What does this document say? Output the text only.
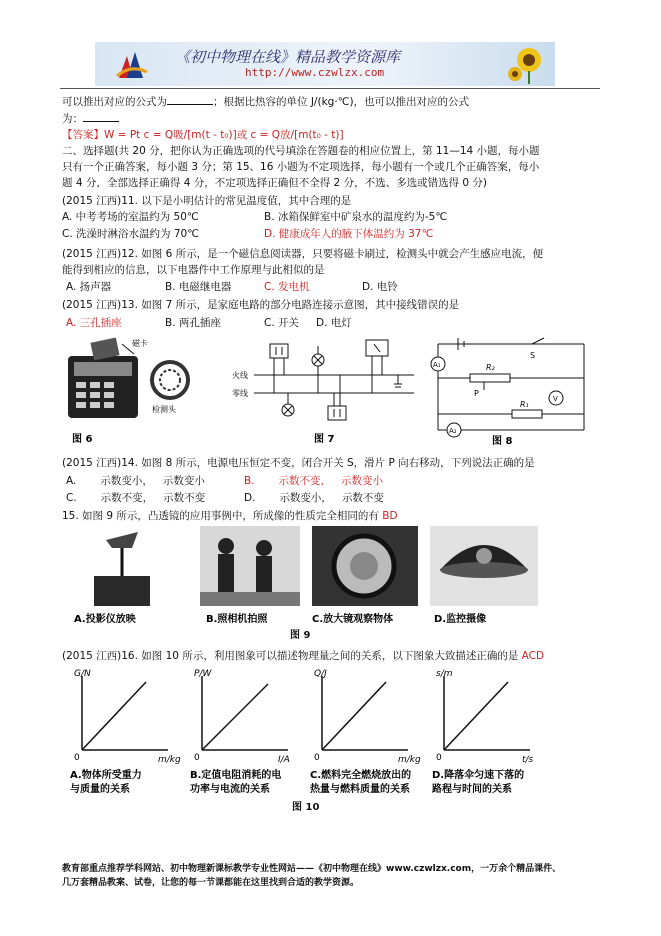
《初中物理在线》精品教学资源库
http://www.czwlzx.com
可以推出对应的公式为	；根据比热容的单位 J/(kg·℃)，也可以推出对应的公式
为：
【答案】W = Pt c = Q吸/[m(t - t₀)]或 c = Q放/[m(t₀ - t)]
二、选择题(共 20 分，把你认为正确选项的代号填涂在答题卷的相应位置上，第 11—14 小题，每小题
只有一个正确答案，每小题 3 分；第 15、16 小题为不定项选择，每小题有一个或几个正确答案，每小
题 4 分，全部选择正确得 4 分，不定项选择正确但不全得 2 分，不选、多选或错选得 0 分)
(2015 江西)11. 以下是小明估计的常见温度值，其中合理的是
A. 中考考场的室温约为 50℃	B. 冰箱保鲜室中矿泉水的温度约为-5℃
C. 洗澡时淋浴水温约为 70℃	D. 健康成年人的腋下体温约为 37℃
(2015 江西)12. 如图 6 所示，是一个磁信息阅读器，只要将磁卡刷过，检测头中就会产生感应电流，便
能得到相应的信息，以下电器件中工作原理与此相似的是
A. 扬声器	B. 电磁继电器	C. 发电机	D. 电铃
(2015 江西)13. 如图 7 所示，是家庭电路的部分电路连接示意图，其中接线错误的是
A. 三孔插座	B. 两孔插座	C. 开关 D. 电灯
磁卡
检测头
图 6
火线
零线
图 7
S
A₁	R₂
P
V
R₁
A₂
图 8
(2015 江西)14. 如图 8 所示，电源电压恒定不变，闭合开关 S，滑片 P 向右移动，下列说法正确的是
A. 示数变小， 示数变小	B. 示数不变， 示数变小
C. 示数不变， 示数不变	D. 示数变小， 示数不变
15. 如图 9 所示，凸透镜的应用事例中，所成像的性质完全相同的有 BD
A.投影仪放映	B.照相机拍照	C.放大镜观察物体	D.监控摄像
图 9
(2015 江西)16. 如图 10 所示，利用图象可以描述物理量之间的关系，以下图象大致描述正确的是 ACD
G/N
m/kg
0
A.物体所受重力
与质量的关系
P/W
I/A
0
B.定值电阻消耗的电
功率与电流的关系
Q/J
m/kg
0
C.燃料完全燃烧放出的
热量与燃料质量的关系
s/m
t/s
0
D.降落伞匀速下落的
路程与时间的关系
图 10
教育部重点推荐学科网站、初中物理新课标教学专业性网站——《初中物理在线》www.czwlzx.com，一万余个精品课件、
几万套精品教案、试卷，让您的每一节课都能在这里找到合适的教学资源。
